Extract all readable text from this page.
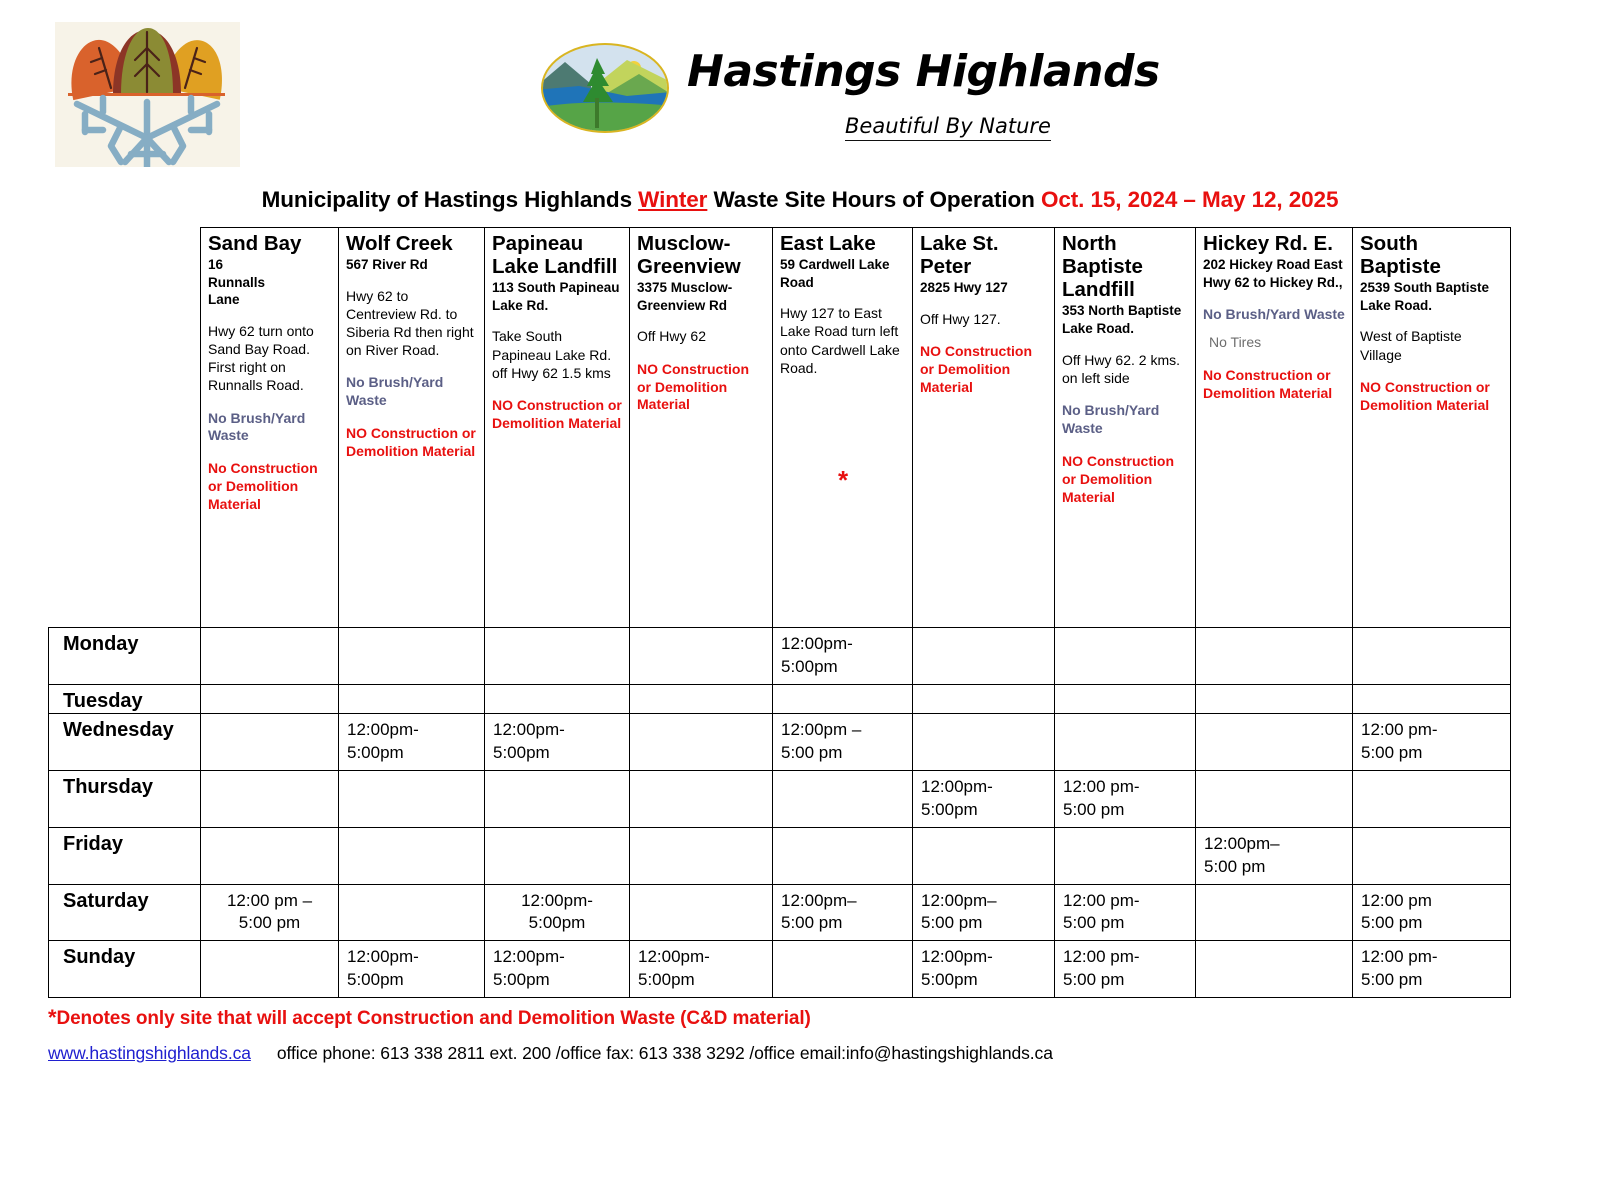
Hastings Highlands
Beautiful By Nature
Municipality of Hastings Highlands Winter Waste Site Hours of Operation Oct. 15, 2024 – May 12, 2025

Sand Bay
16
Runnalls
Lane
Hwy 62 turn onto Sand Bay Road. First right on Runnalls Road.
No Brush/Yard Waste
No Construction or Demolition Material

Wolf Creek
567 River Rd
Hwy 62 to Centreview Rd. to Siberia Rd then right on River Road.
No Brush/Yard Waste
NO Construction or Demolition Material

Papineau Lake Landfill
113 South Papineau Lake Rd.
Take South Papineau Lake Rd. off Hwy 62 1.5 kms
NO Construction or Demolition Material

Musclow-Greenview
3375 Musclow-Greenview Rd
Off Hwy 62
NO Construction or Demolition Material

East Lake
59 Cardwell Lake Road
Hwy 127 to East Lake Road turn left onto Cardwell Lake Road.
*

Lake St. Peter
2825 Hwy 127
Off Hwy 127.
NO Construction or Demolition Material

North Baptiste Landfill
353 North Baptiste Lake Road.
Off Hwy 62. 2 kms. on left side
No Brush/Yard Waste
NO Construction or Demolition Material

Hickey Rd. E.
202 Hickey Road East
Hwy 62 to Hickey Rd.,
No Brush/Yard Waste
No Tires
No Construction or Demolition Material

South Baptiste
2539 South Baptiste Lake Road.
West of Baptiste Village
NO Construction or Demolition Material

Monday					12:00pm-
5:00pm				
Tuesday									
Wednesday		12:00pm-
5:00pm	12:00pm-
5:00pm		12:00pm –
5:00 pm				12:00 pm-
5:00 pm
Thursday						12:00pm-
5:00pm	12:00 pm-
5:00 pm		
Friday								12:00pm–
5:00 pm	
Saturday	12:00 pm –
5:00 pm		12:00pm-
5:00pm		12:00pm–
5:00 pm	12:00pm–
5:00 pm	12:00 pm-
5:00 pm		12:00 pm
5:00 pm
Sunday		12:00pm-
5:00pm	12:00pm-
5:00pm	12:00pm-
5:00pm		12:00pm-
5:00pm	12:00 pm-
5:00 pm		12:00 pm-
5:00 pm
*Denotes only site that will accept Construction and Demolition Waste (C&D material)
www.hastingshighlands.ca office phone: 613 338 2811 ext. 200 /office fax: 613 338 3292 /office email:info@hastingshighlands.ca
